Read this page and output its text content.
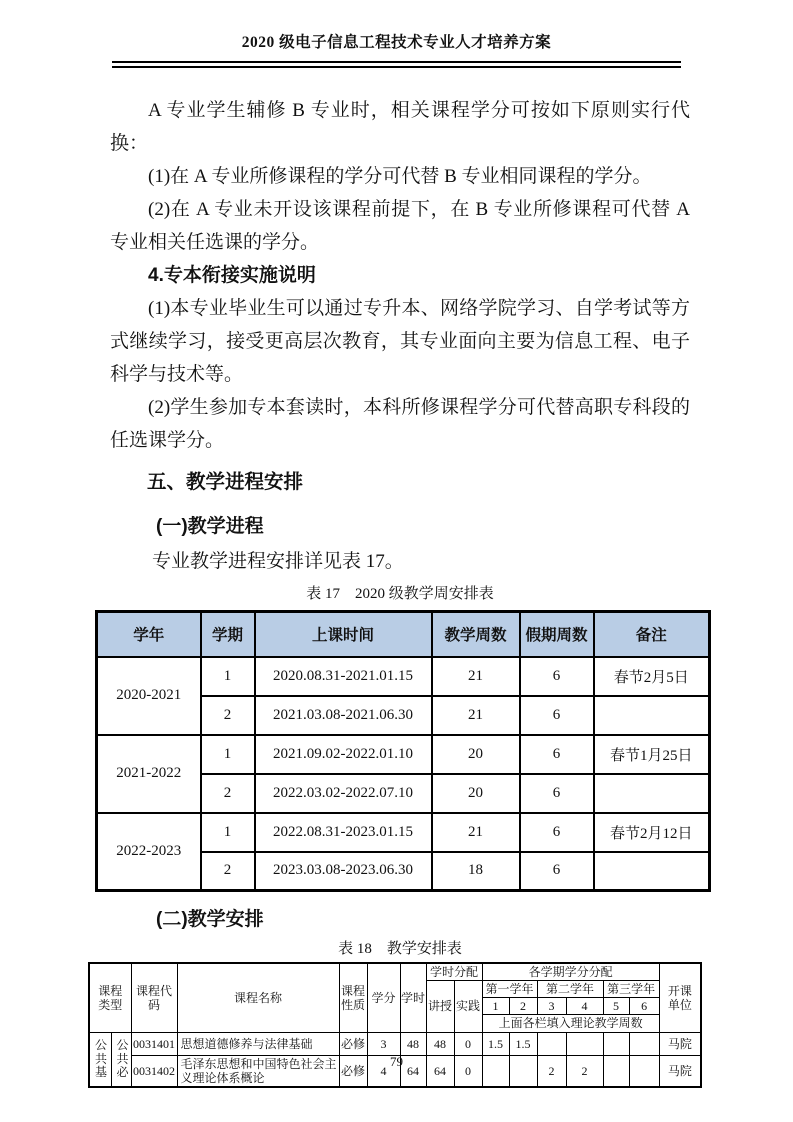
2020 级电子信息工程技术专业人才培养方案

A 专业学生辅修 B 专业时，相关课程学分可按如下原则实行代换：

(1)在 A 专业所修课程的学分可代替 B 专业相同课程的学分。

(2)在 A 专业未开设该课程前提下，在 B 专业所修课程可代替 A 专业相关任选课的学分。

4.专本衔接实施说明

(1)本专业毕业生可以通过专升本、网络学院学习、自学考试等方式继续学习，接受更高层次教育，其专业面向主要为信息工程、电子科学与技术等。

(2)学生参加专本套读时，本科所修课程学分可代替高职专科段的任选课学分。

五、教学进程安排

(一)教学进程

专业教学进程安排详见表 17。

表 17　2020 级教学周安排表
学年	学期	上课时间	教学周数	假期周数	备注
2020-2021	1	2020.08.31-2021.01.15	21	6	春节2月5日
	2	2021.03.08-2021.06.30	21	6	
2021-2022	1	2021.09.02-2022.01.10	20	6	春节1月25日
	2	2022.03.02-2022.07.10	20	6	
2022-2023	1	2022.08.31-2023.01.15	21	6	春节2月12日
	2	2023.03.08-2023.06.30	18	6	

(二)教学安排

表 18　教学安排表
课程类型		课程代码	课程名称	课程性质	学分	学时	学时分配		各学期学分分配						开课单位
							讲授	实践	第一学年		第二学年		第三学年		
									1	2	3	4	5	6	
									上面各栏填入理论教学周数						
公共基	公共必	0031401	思想道德修养与法律基础	必修	3	48	48	0	1.5	1.5					马院
		0031402	毛泽东思想和中国特色社会主义理论体系概论	必修	4	64	64	0			2	2			马院
79
